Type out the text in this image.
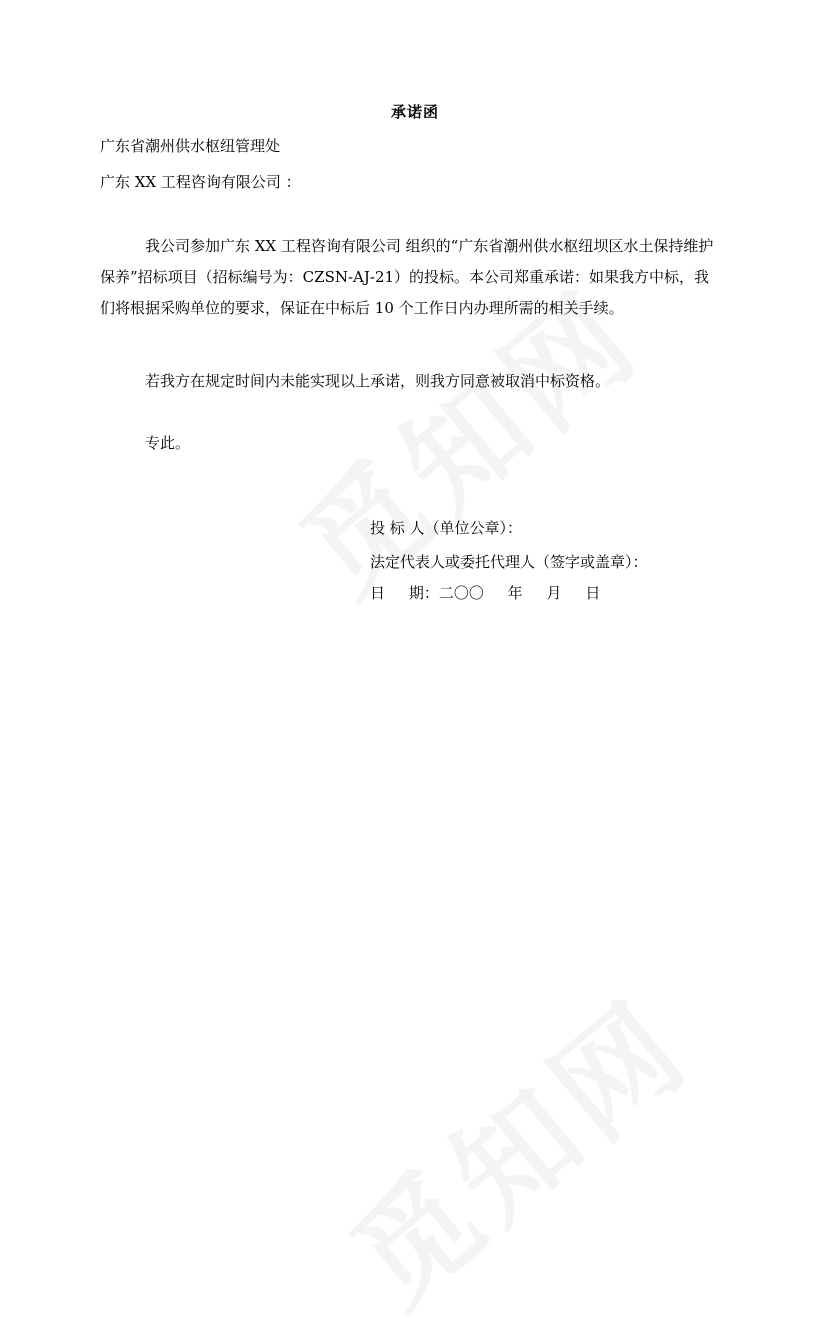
承诺函
广东省潮州供水枢纽管理处
广东 XX 工程咨询有限公司 ：
我公司参加广东 XX 工程咨询有限公司 组织的“广东省潮州供水枢纽坝区水土保持维护保养”招标项目（招标编号为：CZSN-AJ-21）的投标。本公司郑重承诺：如果我方中标，我们将根据采购单位的要求，保证在中标后 10 个工作日内办理所需的相关手续。
若我方在规定时间内未能实现以上承诺，则我方同意被取消中标资格。
专此。
投 标 人（单位公章）：
法定代表人或委托代理人（签字或盖章）：
日     期：二〇〇     年     月     日
